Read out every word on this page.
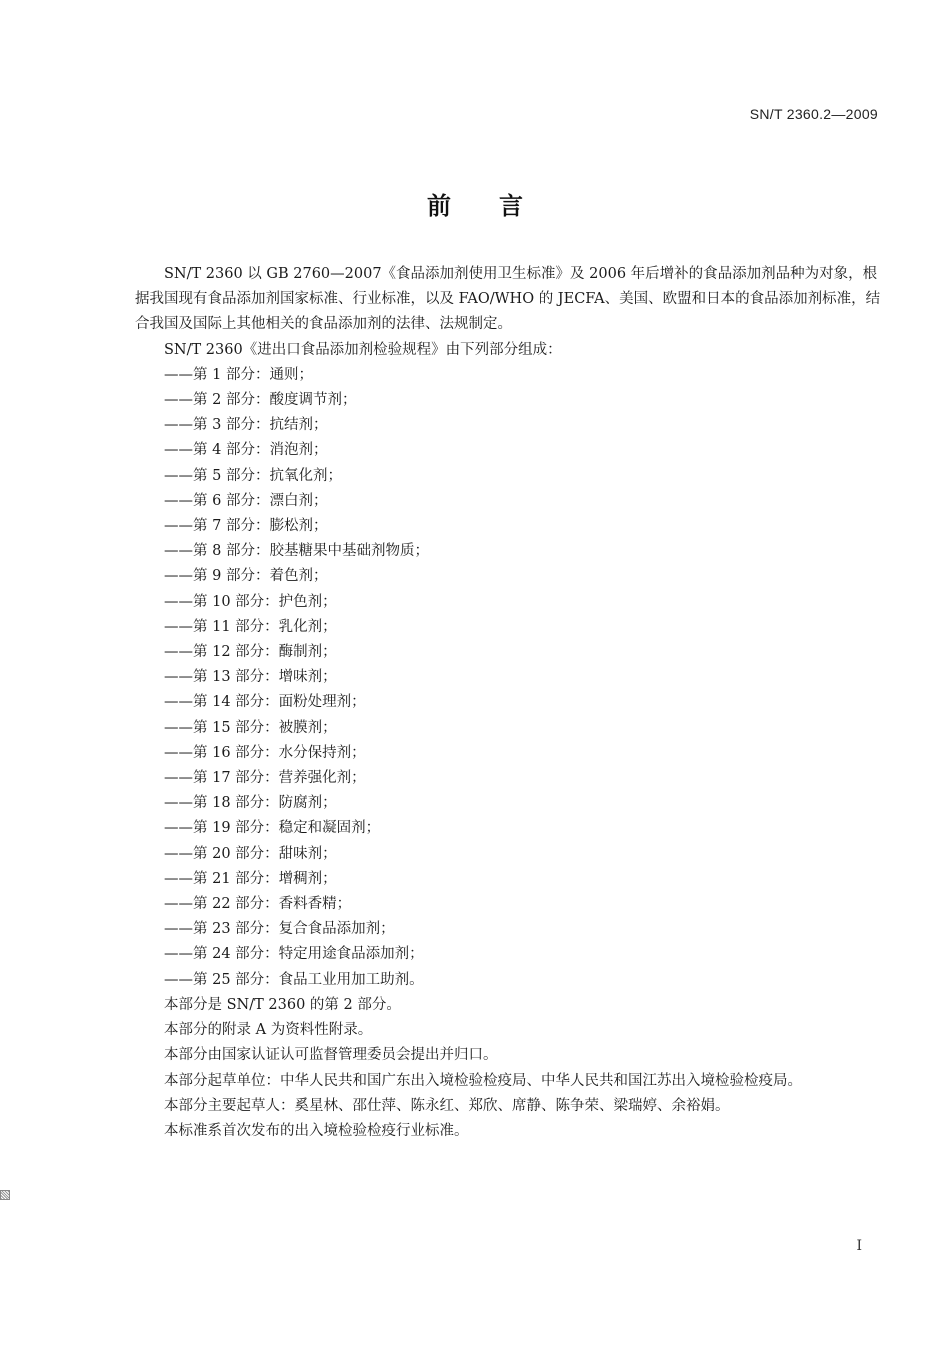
SN/T 2360.2—2009
前言

SN/T 2360 以 GB 2760—2007《食品添加剂使用卫生标准》及 2006 年后增补的食品添加剂品种为对象，根据我国现有食品添加剂国家标准、行业标准，以及 FAO/WHO 的 JECFA、美国、欧盟和日本的食品添加剂标准，结合我国及国际上其他相关的食品添加剂的法律、法规制定。

SN/T 2360《进出口食品添加剂检验规程》由下列部分组成：

——第 1 部分：通则；
——第 2 部分：酸度调节剂；
——第 3 部分：抗结剂；
——第 4 部分：消泡剂；
——第 5 部分：抗氧化剂；
——第 6 部分：漂白剂；
——第 7 部分：膨松剂；
——第 8 部分：胶基糖果中基础剂物质；
——第 9 部分：着色剂；
——第 10 部分：护色剂；
——第 11 部分：乳化剂；
——第 12 部分：酶制剂；
——第 13 部分：增味剂；
——第 14 部分：面粉处理剂；
——第 15 部分：被膜剂；
——第 16 部分：水分保持剂；
——第 17 部分：营养强化剂；
——第 18 部分：防腐剂；
——第 19 部分：稳定和凝固剂；
——第 20 部分：甜味剂；
——第 21 部分：增稠剂；
——第 22 部分：香料香精；
——第 23 部分：复合食品添加剂；
——第 24 部分：特定用途食品添加剂；
——第 25 部分：食品工业用加工助剂。

本部分是 SN/T 2360 的第 2 部分。

本部分的附录 A 为资料性附录。

本部分由国家认证认可监督管理委员会提出并归口。

本部分起草单位：中华人民共和国广东出入境检验检疫局、中华人民共和国江苏出入境检验检疫局。

本部分主要起草人：奚星林、邵仕萍、陈永红、郑欣、席静、陈争荣、梁瑞婷、余裕娟。

本标准系首次发布的出入境检验检疫行业标准。

I
